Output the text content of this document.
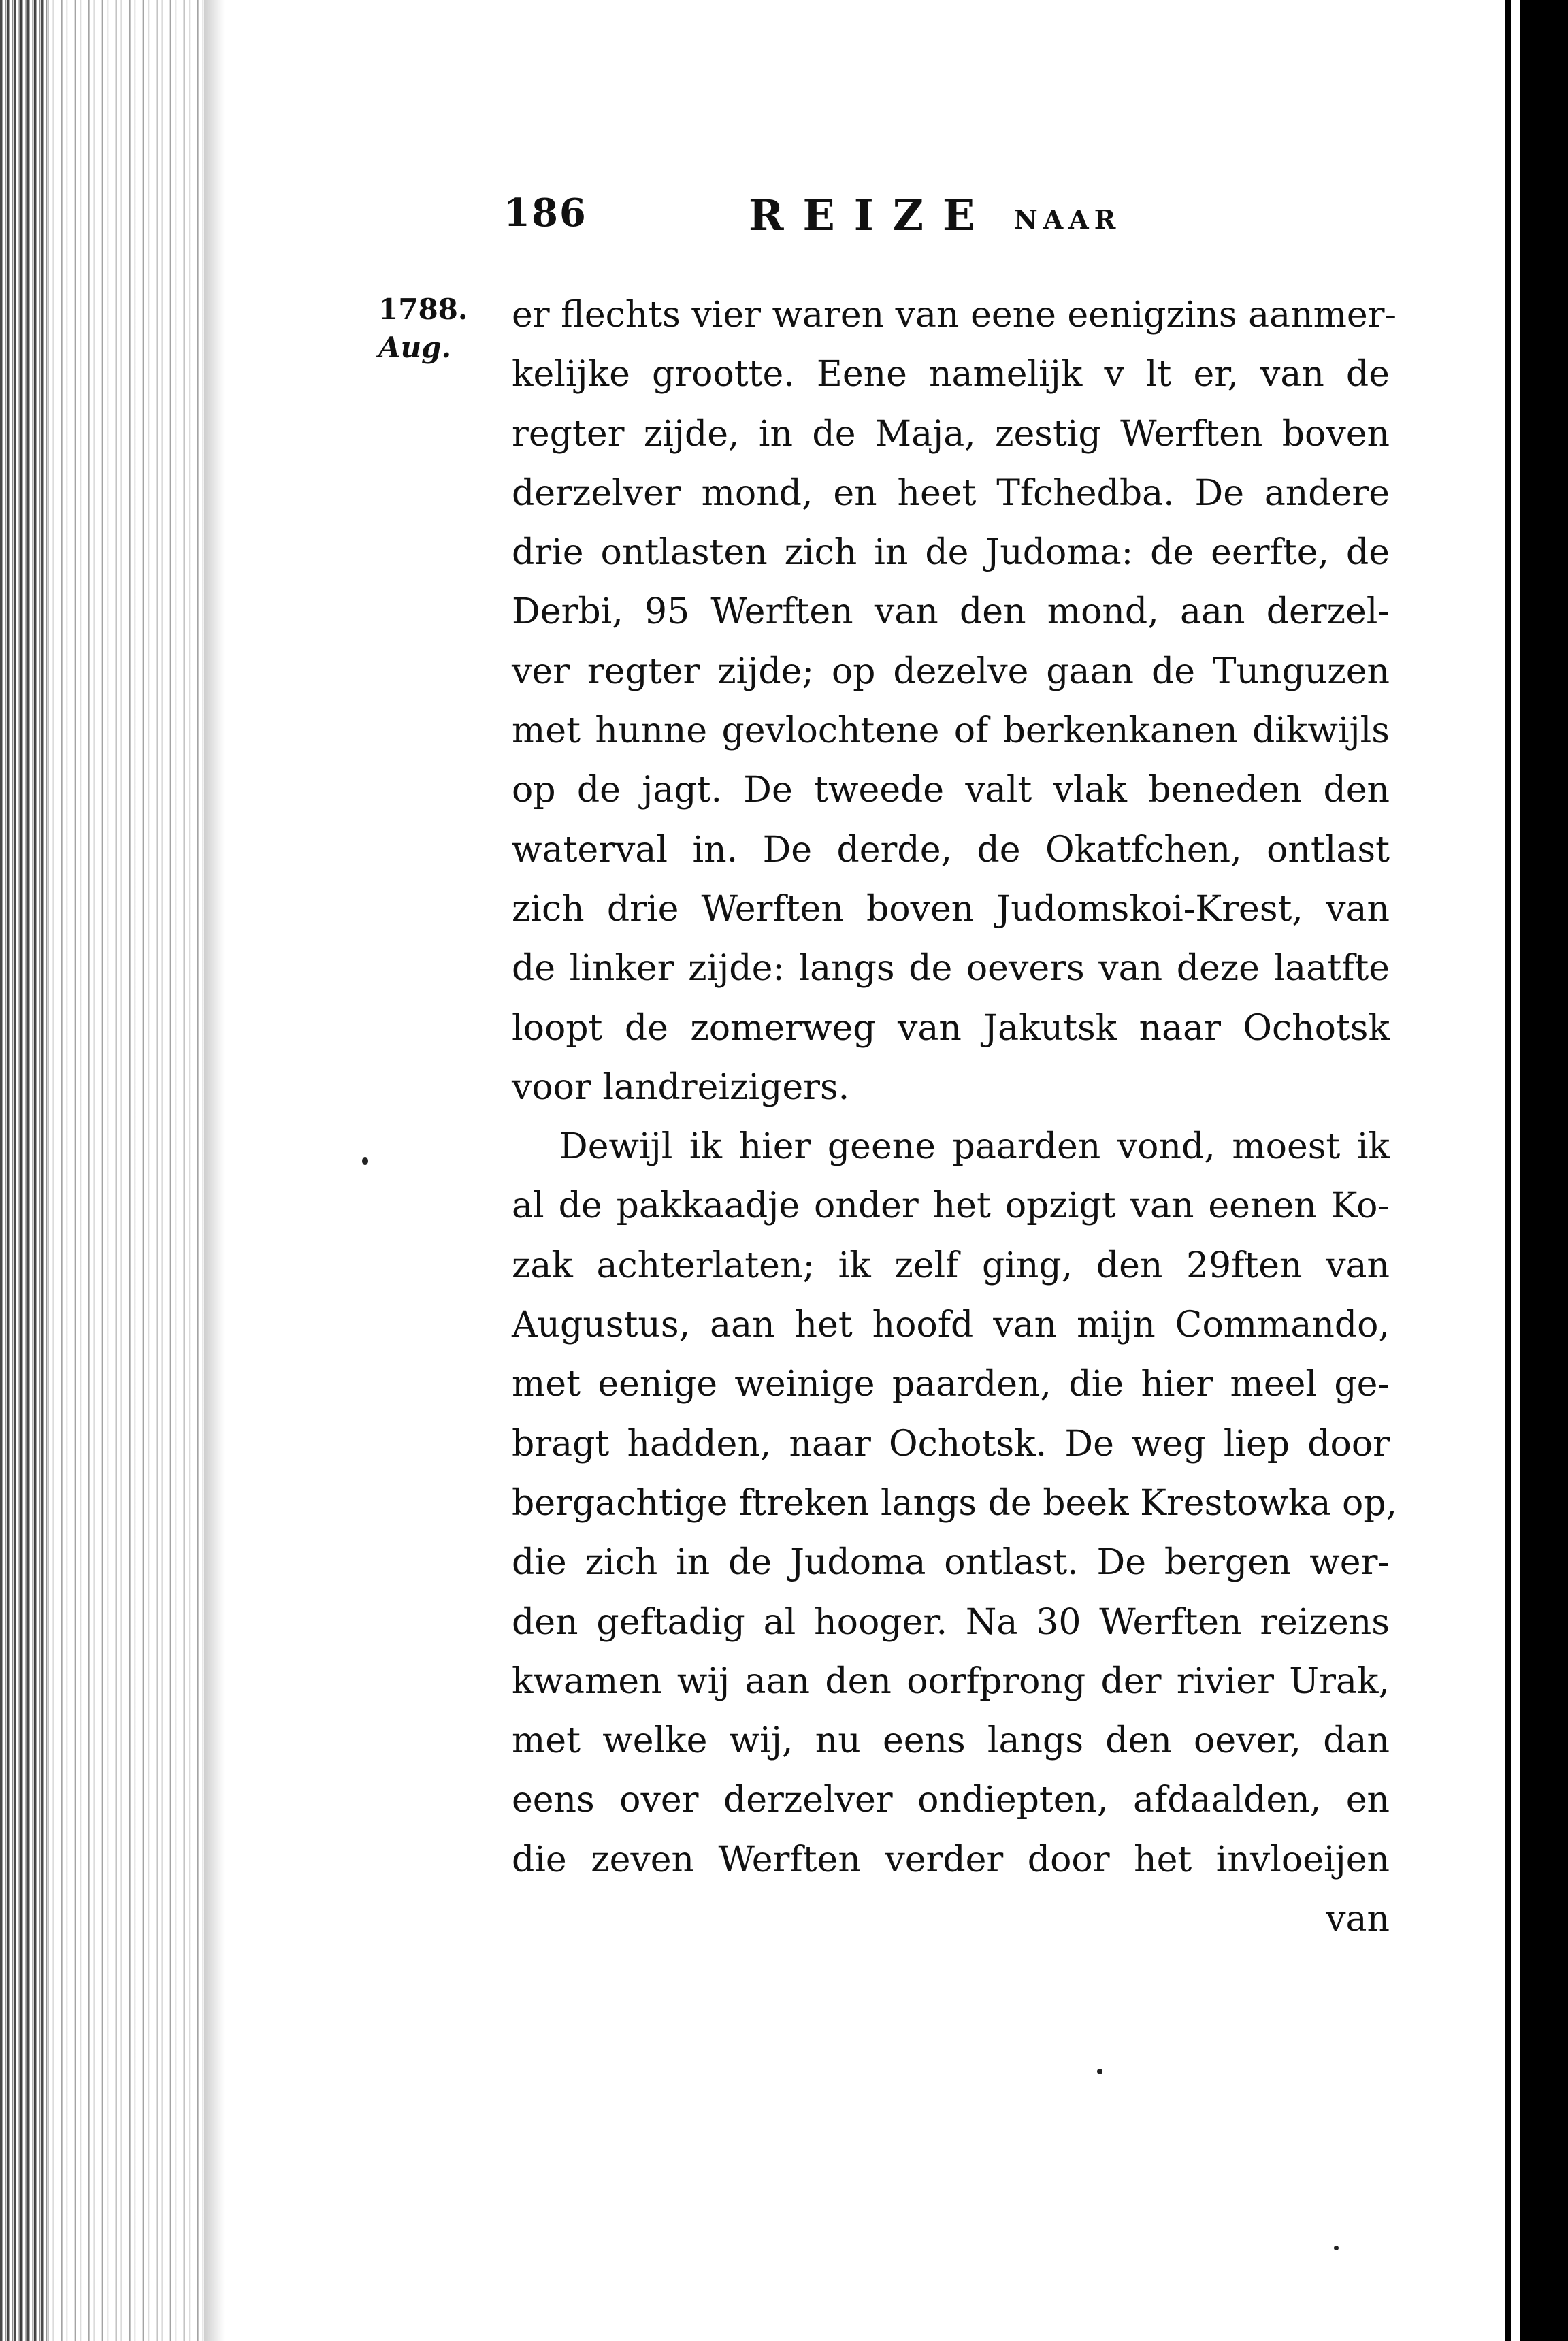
186	REIZE NAAR
1788.
Aug.
er flechts vier waren van eene eenigzins aanmer-
kelijke grootte. Eene namelijk v lt er, van de
regter zijde, in de Maja, zestig Werften boven
derzelver mond, en heet Tfchedba. De andere
drie ontlasten zich in de Judoma: de eerfte, de
Derbi, 95 Werften van den mond, aan derzel-
ver regter zijde; op dezelve gaan de Tunguzen
met hunne gevlochtene of berkenkanen dikwijls
op de jagt. De tweede valt vlak beneden den
waterval in. De derde, de Okatfchen, ontlast
zich drie Werften boven Judomskoi-Krest, van
de linker zijde: langs de oevers van deze laatfte
loopt de zomerweg van Jakutsk naar Ochotsk
voor landreizigers.
Dewijl ik hier geene paarden vond, moest ik
al de pakkaadje onder het opzigt van eenen Ko-
zak achterlaten; ik zelf ging, den 29ften van
Augustus, aan het hoofd van mijn Commando,
met eenige weinige paarden, die hier meel ge-
bragt hadden, naar Ochotsk. De weg liep door
bergachtige ftreken langs de beek Krestowka op,
die zich in de Judoma ontlast. De bergen wer-
den geftadig al hooger. Na 30 Werften reizens
kwamen wij aan den oorfprong der rivier Urak,
met welke wij, nu eens langs den oever, dan
eens over derzelver ondiepten, afdaalden, en
die zeven Werften verder door het invloeijen
van
